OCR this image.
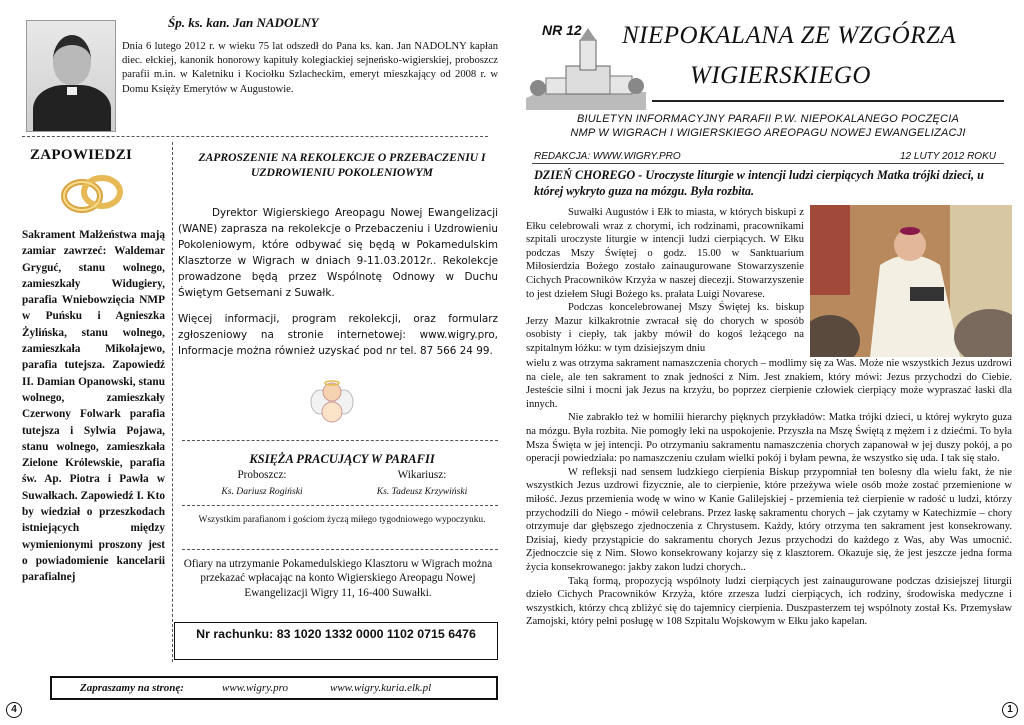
Śp. ks. kan. Jan NADOLNY
Dnia 6 lutego 2012 r. w wieku 75 lat odszedł do Pana ks. kan. Jan NADOLNY kapłan diec. ełckiej, kanonik honorowy kapituły kolegiackiej sejneńsko-wigierskiej, proboszcz parafii m.in. w Kaletniku i Kociołku Szlacheckim, emeryt mieszkający od 2008 r. w Domu Księży Emerytów w Augustowie.
ZAPOWIEDZI
Sakrament Małżeństwa mają zamiar zawrzeć: Waldemar Gryguć, stanu wolnego, zamieszkały Widugiery, parafia Wniebowzięcia NMP w Puńsku i Agnieszka Żylińska, stanu wolnego, zamieszkała Mikołajewo, parafia tutejsza. Zapowiedź II. Damian Opanowski, stanu wolnego, zamieszkały Czerwony Folwark parafia tutejsza i Sylwia Pojawa, stanu wolnego, zamieszkała Zielone Królewskie, parafia św. Ap. Piotra i Pawła w Suwałkach. Zapowiedź I. Kto by wiedział o przeszkodach istniejących między wymienionymi proszony jest o powiadomienie kancelarii parafialnej
ZAPROSZENIE NA REKOLEKCJE O PRZEBACZENIU I UZDROWIENIU POKOLENIOWYM

Dyrektor Wigierskiego Areopagu Nowej Ewangelizacji (WANE) zaprasza na rekolekcje o Przebaczeniu i Uzdrowieniu Pokoleniowym, które odbywać się będą w Pokamedulskim Klasztorze w Wigrach w dniach 9-11.03.2012r.. Rekolekcje prowadzone będą przez Wspólnotę Odnowy w Duchu Świętym Getsemani z Suwałk.

Więcej informacji, program rekolekcji, oraz formularz zgłoszeniowy na stronie internetowej: www.wigry.pro, Informacje można również uzyskać pod nr tel. 87 566 24 99.

KSIĘŻA PRACUJĄCY W PARAFII
Proboszcz:	Wikariusz:
Ks. Dariusz Rogiński	Ks. Tadeusz Krzywiński
Wszystkim parafianom i gościom życzą miłego tygodniowego wypoczynku.
Ofiary na utrzymanie Pokamedulskiego Klasztoru w Wigrach można przekazać wpłacając na konto Wigierskiego Areopagu Nowej Ewangelizacji Wigry 11, 16-400 Suwałki.
Nr rachunku: 83 1020 1332 0000 1102 0715 6476
Zapraszamy na stronę:	www.wigry.pro	www.wigry.kuria.elk.pl
4
NR 12 NIEPOKALANA ZE WZGÓRZA
WIGIERSKIEGO
BIULETYN INFORMACYJNY PARAFII P.W. NIEPOKALANEGO POCZĘCIA NMP W WIGRACH I WIGIERSKIEGO AREOPAGU NOWEJ EWANGELIZACJI
REDAKCJA: WWW.WIGRY.PRO	12 LUTY 2012 ROKU
DZIEŃ CHOREGO - Uroczyste liturgie w intencji ludzi cierpiących Matka trójki dzieci, u której wykryto guza na mózgu. Była rozbita.

Suwałki Augustów i Ełk to miasta, w których biskupi z Ełku celebrowali wraz z chorymi, ich rodzinami, pracownikami szpitali uroczyste liturgie w intencji ludzi cierpiących. W Ełku podczas Mszy Świętej o godz. 15.00 w Sanktuarium Miłosierdzia Bożego zostało zainaugurowane Stowarzyszenie Cichych Pracowników Krzyża w naszej diecezji. Stowarzyszenie to jest dziełem Sługi Bożego ks. prałata Luigi Novarese.

Podczas koncelebrowanej Mszy Świętej ks. biskup Jerzy Mazur kilkakrotnie zwracał się do chorych w sposób osobisty i ciepły, tak jakby mówił do kogoś leżącego na szpitalnym łóżku: w tym dzisiejszym dniu

wielu z was otrzyma sakrament namaszczenia chorych – modlimy się za Was. Może nie wszystkich Jezus uzdrowi na ciele, ale ten sakrament to znak jedności z Nim. Jest znakiem, który mówi: Jezus przychodzi do Ciebie. Jesteście silni i mocni jak Jezus na krzyżu, bo poprzez cierpienie człowiek cierpiący może wypraszać łaski dla innych.

Nie zabrakło też w homilii hierarchy pięknych przykładów: Matka trójki dzieci, u której wykryto guza na mózgu. Była rozbita. Nie pomogły leki na uspokojenie. Przyszła na Mszę Świętą z mężem i z dziećmi. To była Msza Święta w jej intencji. Po otrzymaniu sakramentu namaszczenia chorych zapanował w jej duszy pokój, a po operacji powiedziała: po namaszczeniu czułam wielki pokój i byłam pewna, że wszystko się uda. I tak się stało.

W refleksji nad sensem ludzkiego cierpienia Biskup przypomniał ten bolesny dla wielu fakt, że nie wszystkich Jezus uzdrowi fizycznie, ale to cierpienie, które przeżywa wiele osób może zostać przemienione w miłość. Jezus przemienia wodę w wino w Kanie Galilejskiej - przemienia też cierpienie w radość u ludzi, którzy przychodzili do Niego - mówił celebrans. Przez łaskę sakramentu chorych – jak czytamy w Katechizmie – chory otrzymuje dar głębszego zjednoczenia z Chrystusem. Każdy, który otrzyma ten sakrament jest konsekrowany. Dzisiaj, kiedy przystąpicie do sakramentu chorych Jezus przychodzi do każdego z Was, aby Was umocnić. Zjednoczcie się z Nim. Słowo konsekrowany kojarzy się z klasztorem. Okazuje się, że jest jeszcze jedna forma życia konsekrowanego: jakby zakon ludzi chorych..

Taką formą, propozycją wspólnoty ludzi cierpiących jest zainaugurowane podczas dzisiejszej liturgii dzieło Cichych Pracowników Krzyża, które zrzesza ludzi cierpiących, ich rodziny, środowiska medyczne i wszystkich, którzy chcą zbliżyć się do tajemnicy cierpienia. Duszpasterzem tej wspólnoty został Ks. Przemysław Zamojski, który pełni posługę w 108 Szpitalu Wojskowym w Ełku jako kapelan.

1
